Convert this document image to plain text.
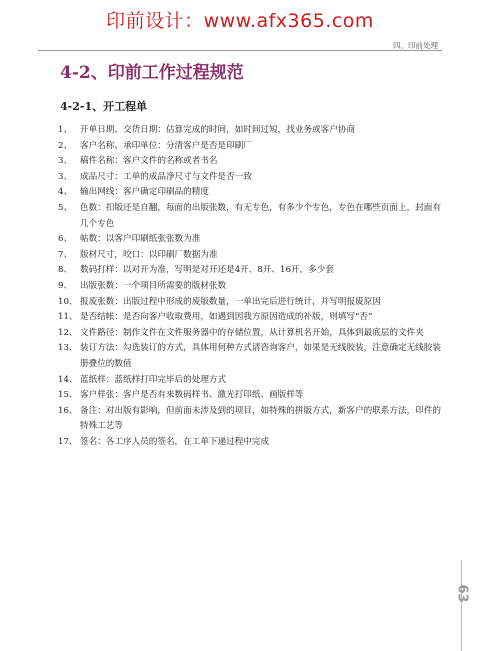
印前设计：www.afx365.com
四、印前处理
4-2、印前工作过程规范
4-2-1、开工程单
1、 开单日期、交货日期：估算完成的时间，如时间过短，找业务或客户协商
2、 客户名称、承印单位：分清客户是否是印刷厂
3、 稿件名称：客户文件的名称或者书名
3、 成品尺寸：工单的成品净尺寸与文件是否一致
4、 输出网线：客户确定印刷品的精度
5、 色数：扣版还是自翻，每面的出版张数，有无专色，有多少个专色，专色在哪些页面上，封面有几个专色
6、 帖数：以客户印刷纸张张数为准
7、 版材尺寸，咬口：以印刷厂数据为准
8、 数码打样：以对开为准，写明是对开还是4开、8开、16开，多少套
9、 出版张数：一个项目所需要的版材张数
10、 报废张数：出版过程中形成的废版数量，一单出完后进行统计，并写明报废原因
11、 是否结帐：是否向客户收取费用，如遇到因我方原因造成的补版，则填写“否”
12、 文件路径：制作文件在文件服务器中的存储位置，从计算机名开始，具体到最底层的文件夹
13、 装订方法：勾选装订的方式，具体用何种方式请咨询客户，如果是无线胶装，注意确定无线胶装册叠位的数值
14、 蓝纸样：蓝纸样打印完毕后的处理方式
15、 客户样张：客户是否有来数码样书、激光打印纸、画版样等
16、 备注：对出版有影响，但前面未涉及到的项目，如特殊的拼版方式，新客户的联系方法，印件的特殊工艺等
17、 签名：各工序人员的签名，在工单下递过程中完成
63
